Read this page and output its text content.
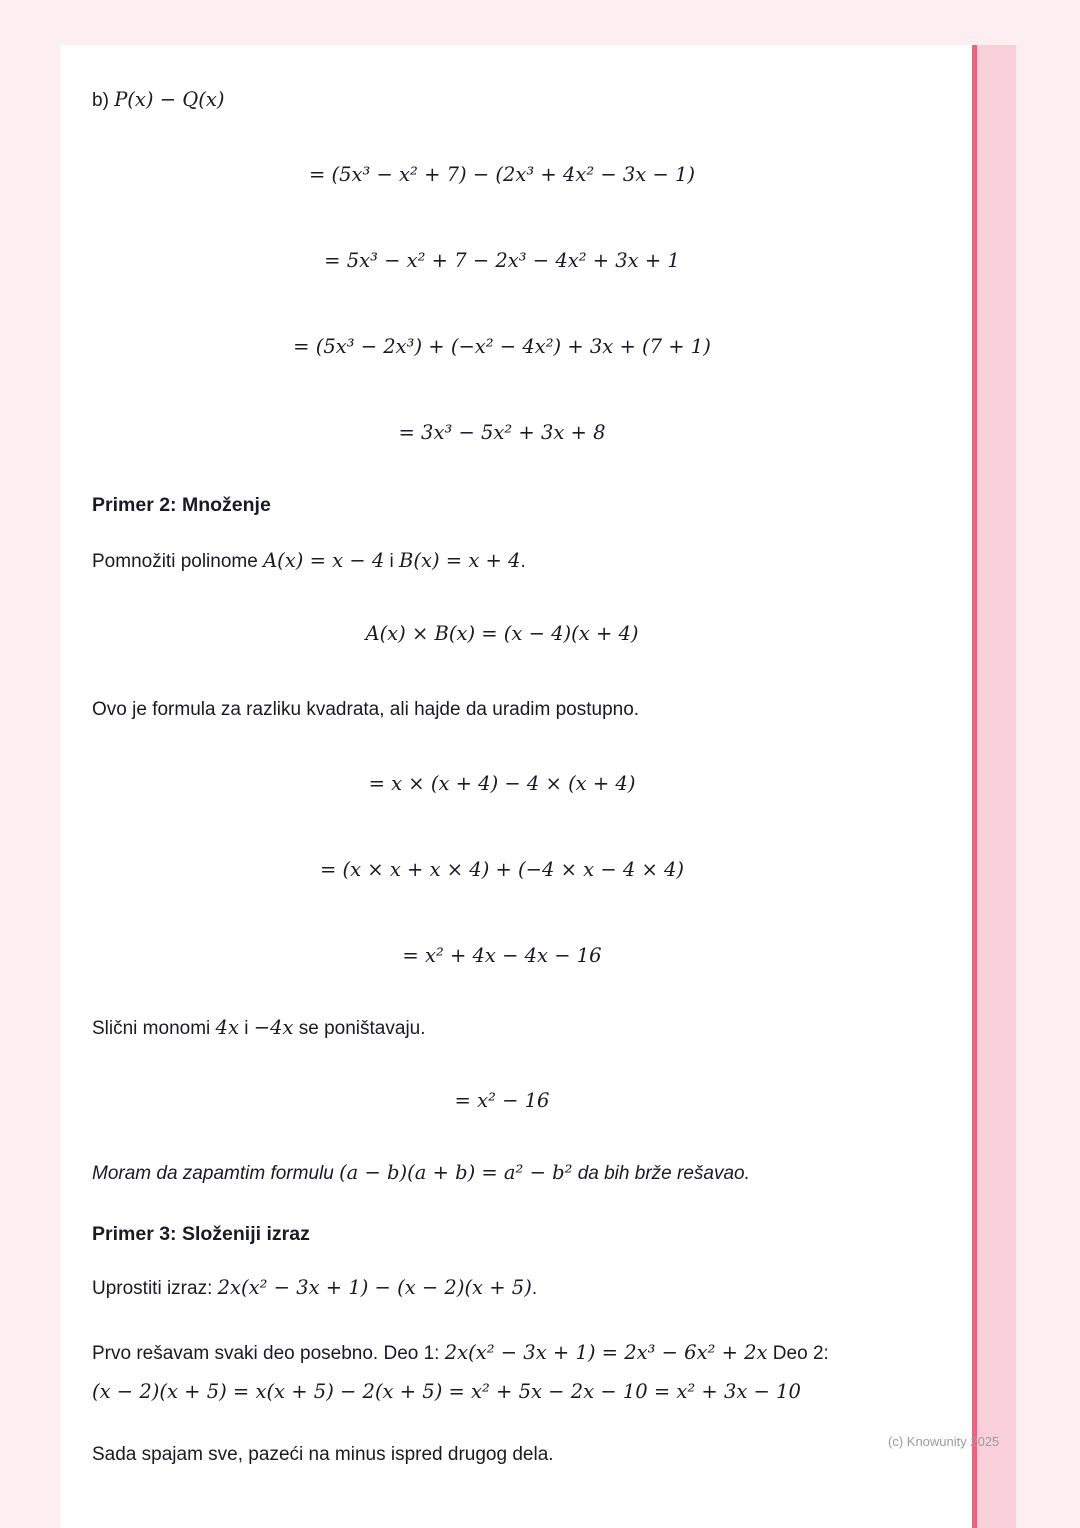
b) P(x) − Q(x)

= (5x³ − x² + 7) − (2x³ + 4x² − 3x − 1)
= 5x³ − x² + 7 − 2x³ − 4x² + 3x + 1
= (5x³ − 2x³) + (−x² − 4x²) + 3x + (7 + 1)
= 3x³ − 5x² + 3x + 8
Primer 2: Množenje

Pomnožiti polinome A(x) = x − 4 i B(x) = x + 4.

A(x) × B(x) = (x − 4)(x + 4)

Ovo je formula za razliku kvadrata, ali hajde da uradim postupno.

= x × (x + 4) − 4 × (x + 4)
= (x × x + x × 4) + (−4 × x − 4 × 4)
= x² + 4x − 4x − 16

Slični monomi 4x i −4x se poništavaju.

= x² − 16

Moram da zapamtim formulu (a − b)(a + b) = a² − b² da bih brže rešavao.

Primer 3: Složeniji izraz

Uprostiti izraz: 2x(x² − 3x + 1) − (x − 2)(x + 5).

Prvo rešavam svaki deo posebno. Deo 1: 2x(x² − 3x + 1) = 2x³ − 6x² + 2x Deo 2:
(x − 2)(x + 5) = x(x + 5) − 2(x + 5) = x² + 5x − 2x − 10 = x² + 3x − 10

Sada spajam sve, pazeći na minus ispred drugog dela.

(c) Knowunity 2025
